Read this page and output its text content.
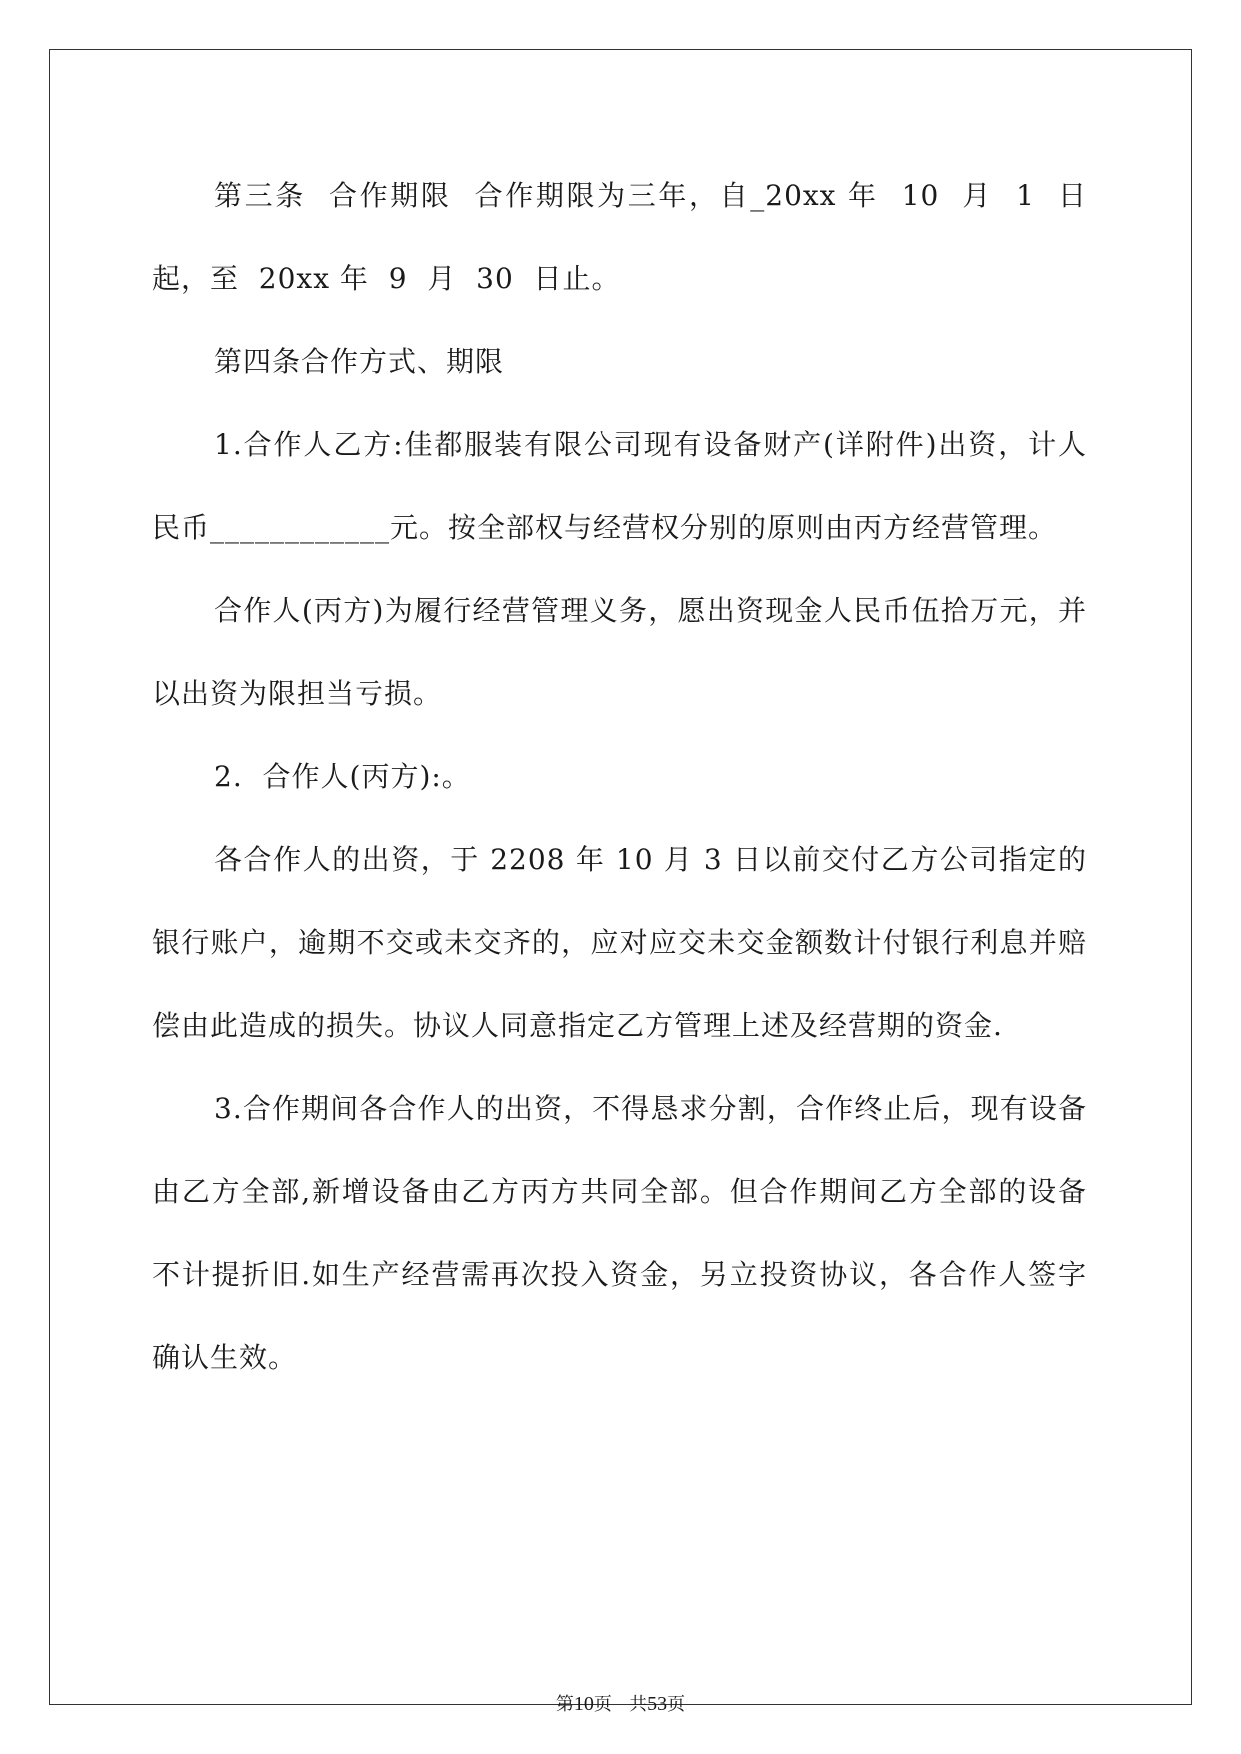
第三条  合作期限  合作期限为三年，自_20xx 年  10  月  1  日起，至  20xx 年  9  月  30  日止。

第四条合作方式、期限

1.合作人乙方:佳都服装有限公司现有设备财产(详附件)出资，计人民币____________元。按全部权与经营权分别的原则由丙方经营管理。

合作人(丙方)为履行经营管理义务，愿出资现金人民币伍拾万元，并以出资为限担当亏损。

2.  合作人(丙方):。

各合作人的出资，于 2208 年 10 月 3 日以前交付乙方公司指定的银行账户，逾期不交或未交齐的，应对应交未交金额数计付银行利息并赔偿由此造成的损失。协议人同意指定乙方管理上述及经营期的资金.

3.合作期间各合作人的出资，不得恳求分割，合作终止后，现有设备由乙方全部,新增设备由乙方丙方共同全部。但合作期间乙方全部的设备不计提折旧.如生产经营需再次投入资金，另立投资协议，各合作人签字确认生效。

第10页 共53页
